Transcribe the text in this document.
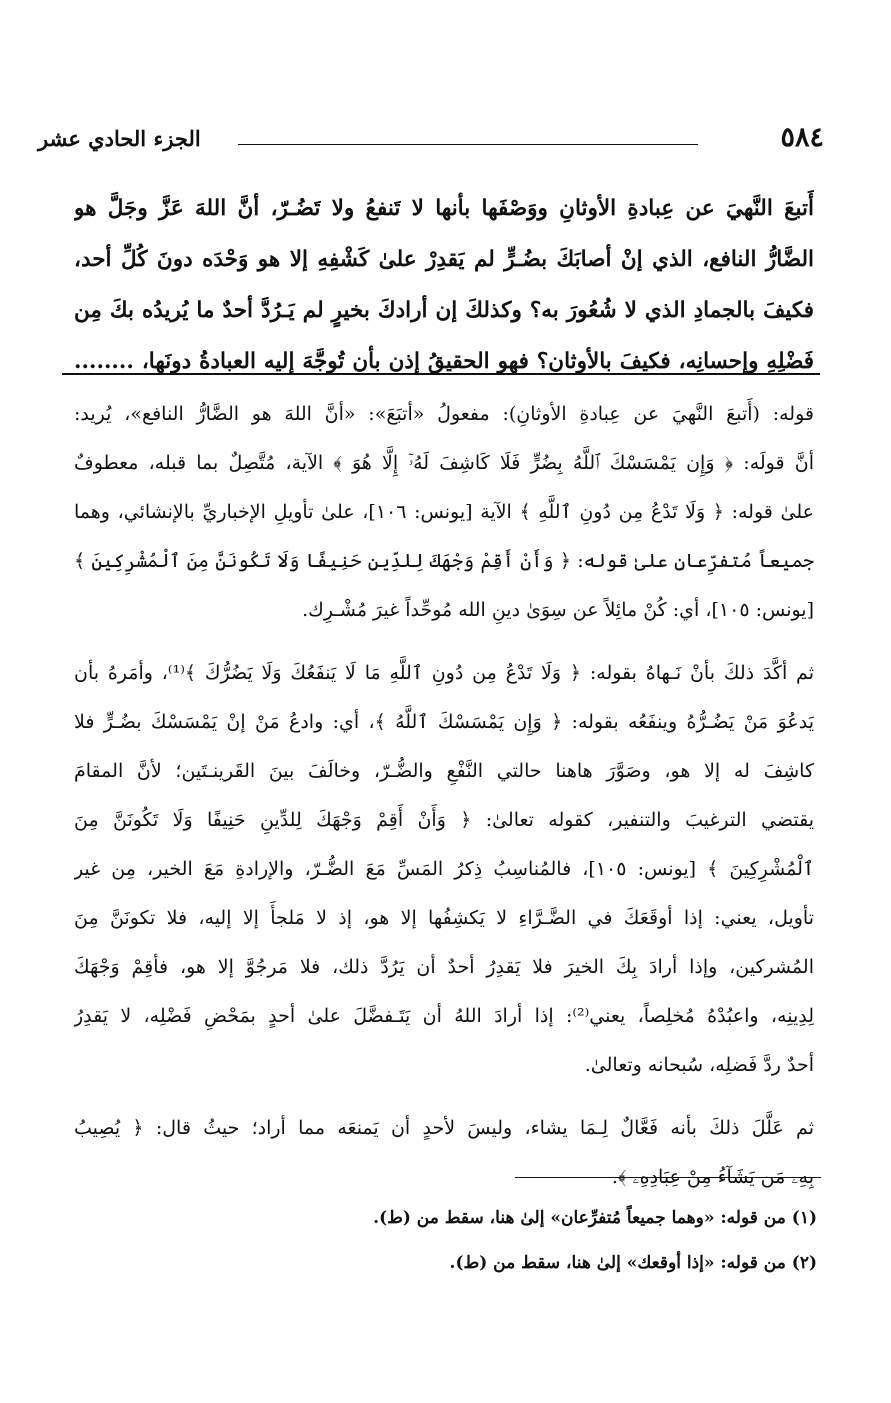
٥٨٤
الجزء الحادي عشر
أَتبعَ النَّهيَ عن عِبادةِ الأوثانِ ووَصْفَها بأنها لا تَنفعُ ولا تَضُـرّ، أنَّ اللهَ عَزَّ وجَلَّ هو
الضَّارُّ النافع، الذي إنْ أصابَكَ بضُـرٍّ لم يَقدِرْ علىٰ كَشْفِهِ إلا هو وَحْدَه دونَ كُلِّ أحد،
فكيفَ بالجمادِ الذي لا شُعُورَ به؟ وكذلكَ إن أرادكَ بخيرٍ لم يَـرُدَّ أحدٌ ما يُريدُه بكَ مِن
فَضْلِهِ وإحسانِه، فكيفَ بالأوثان؟ فهو الحقيقُ إذن بأن تُوجَّهَ إليه العبادةُ دونَها، ........
قوله: (أَتبعَ النَّهيَ عن عِبادةِ الأوثانِ): مفعولُ «أتبَعَ»: «أنَّ اللهَ هو الضَّارُّ النافع»، يُريد:
أنَّ قولَه: ﴿ وَإِن يَمْسَسْكَ ٱللَّهُ بِضُرٍّ فَلَا كَاشِفَ لَهُۥٓ إِلَّا هُوَ ﴾ الآية، مُتَّصِلٌ بما قبله، معطوفٌ
علىٰ قوله: ﴿ وَلَا تَدْعُ مِن دُونِ ٱللَّهِ ﴾ الآية [يونس: ١٠٦]، علىٰ تأويلِ الإخباريِّ بالإنشائي، وهما
جميعاً مُتفرِّعانِ علىٰ قوله: ﴿ وَأَنْ أَقِمْ وَجْهَكَ لِلدِّينِ حَنِيفًا وَلَا تَكُونَنَّ مِنَ ٱلْمُشْرِكِينَ ﴾
[يونس: ١٠٥]، أي: كُنْ مائِلاً عن سِوَىٰ دينِ الله مُوحِّداً غيرَ مُشْـرِك.
ثم أكَّدَ ذلكَ بأنْ نَـهاهُ بقوله: ﴿ وَلَا تَدْعُ مِن دُونِ ٱللَّهِ مَا لَا يَنفَعُكَ وَلَا يَضُرُّكَ ﴾⁽¹⁾، وأمَرهُ بأن
يَدعُوَ مَنْ يَضُـرُّهُ وينفَعُه بقوله: ﴿ وَإِن يَمْسَسْكَ ٱللَّهُ ﴾، أي: وادعُ مَنْ إنْ يَمْسَسْكَ بضُـرٍّ فلا
كاشِفَ له إلا هو، وصَوَّرَ هاهنا حالتي النَّفْعِ والضُّـرّ، وخالَفَ بينَ القَرينـتَين؛ لأنَّ المقامَ
يقتضي الترغيبَ والتنفير، كقوله تعالىٰ: ﴿ وَأَنْ أَقِمْ وَجْهَكَ لِلدِّينِ حَنِيفًا وَلَا تَكُونَنَّ مِنَ
ٱلْمُشْرِكِينَ ﴾ [يونس: ١٠٥]، فالمُناسِبُ ذِكرُ المَسِّ مَعَ الضُّـرّ، والإرادةِ مَعَ الخير، مِن غير
تأويل، يعني: إذا أوقَعَكَ في الضَّـرَّاءِ لا يَكشِفُها إلا هو، إذ لا مَلجأَ إلا إليه، فلا تكونَنَّ مِنَ
المُشركين، وإذا أرادَ بِكَ الخيرَ فلا يَقدِرُ أحدٌ أن يَرُدَّ ذلك، فلا مَرجُوَّ إلا هو، فأقِمْ وَجْهَكَ
لِدِينِه، واعبُدْهُ مُخلِصاً، يعني⁽²⁾: إذا أرادَ اللهُ أن يَتَـفضَّلَ علىٰ أحدٍ بمَحْضِ فَضْلِه، لا يَقدِرُ
أحدٌ ردَّ فَضلِه، سُبحانه وتعالىٰ.
ثم عَلَّلَ ذلكَ بأنه فَعَّالٌ لِـمَا يشاء، وليسَ لأحدٍ أن يَمنعَه مما أراد؛ حيثُ قال: ﴿ يُصِيبُ
بِهِۦ مَن يَشَآءُ مِنْ عِبَادِهِۦ ﴾.
(١) من قوله: «وهما جميعاً مُتفرِّعان» إلىٰ هنا، سقط من (ط).
(٢) من قوله: «إذا أوقعك» إلىٰ هنا، سقط من (ط).
